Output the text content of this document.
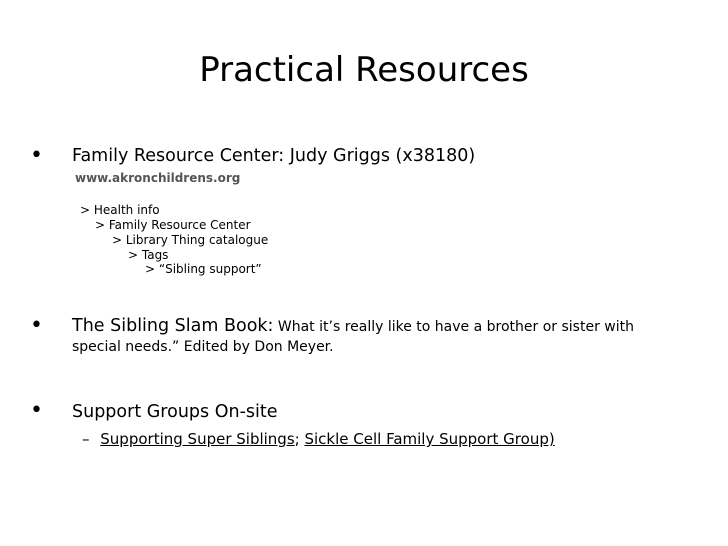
Practical Resources
• Family Resource Center: Judy Griggs (x38180)
www.akronchildrens.org
> Health info
> Family Resource Center
> Library Thing catalogue
> Tags
> “Sibling support”
• The Sibling Slam Book: What it’s really like to have a brother or sister with
special needs.” Edited by Don Meyer.
• Support Groups On-site
– Supporting Super Siblings; Sickle Cell Family Support Group)
